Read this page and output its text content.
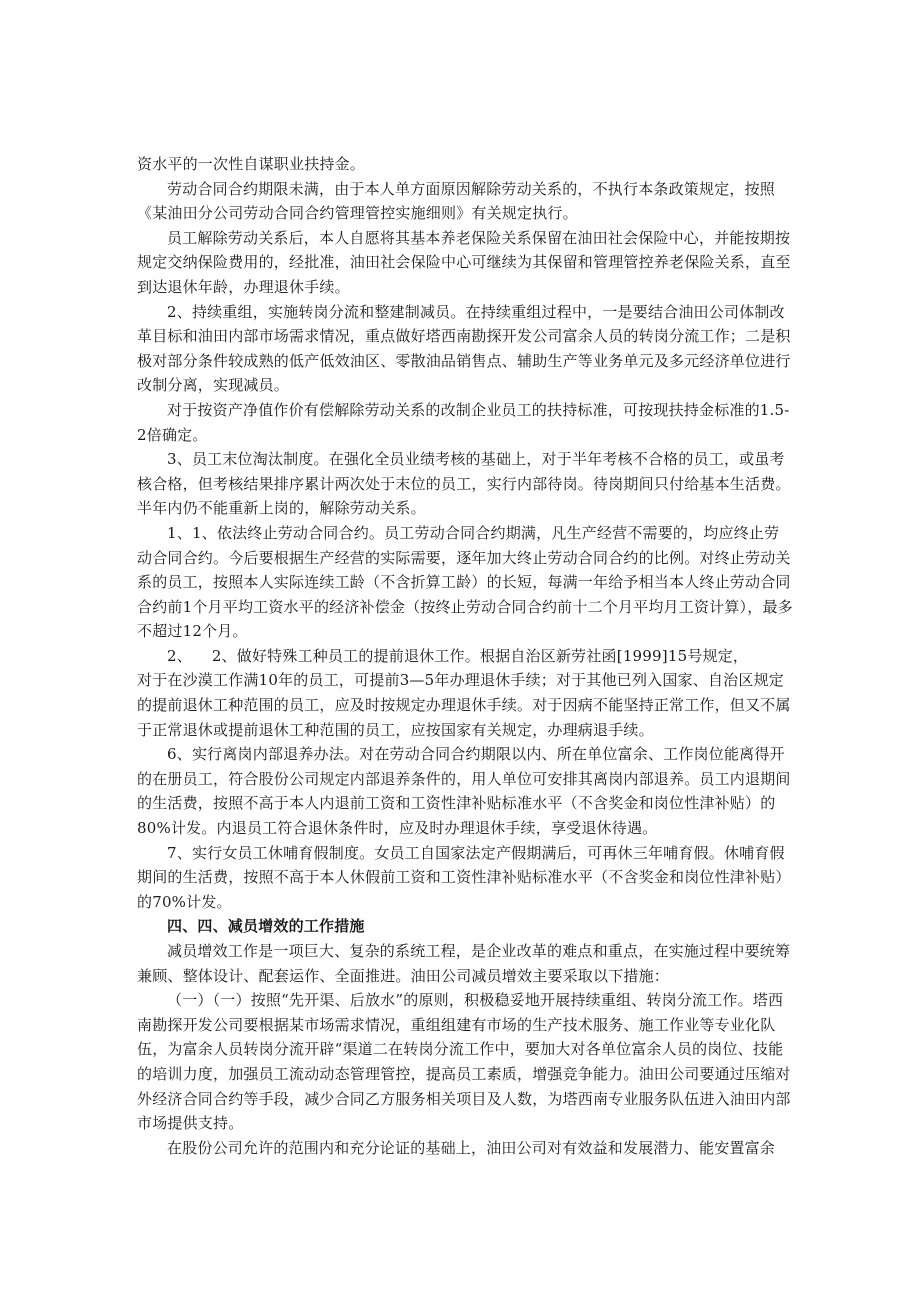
资水平的一次性自谋职业扶持金。

劳动合同合约期限未满，由于本人单方面原因解除劳动关系的，不执行本条政策规定，按照《某油田分公司劳动合同合约管理管控实施细则》有关规定执行。

员工解除劳动关系后，本人自愿将其基本养老保险关系保留在油田社会保险中心，并能按期按规定交纳保险费用的，经批准，油田社会保险中心可继续为其保留和管理管控养老保险关系，直至到达退休年龄，办理退休手续。

2、持续重组，实施转岗分流和整建制减员。在持续重组过程中，一是要结合油田公司体制改革目标和油田内部市场需求情况，重点做好塔西南勘探开发公司富余人员的转岗分流工作；二是积极对部分条件较成熟的低产低效油区、零散油品销售点、辅助生产等业务单元及多元经济单位进行改制分离，实现减员。

对于按资产净值作价有偿解除劳动关系的改制企业员工的扶持标准，可按现扶持金标准的1.5-2倍确定。

3、员工末位淘汰制度。在强化全员业绩考核的基础上，对于半年考核不合格的员工，或虽考核合格，但考核结果排序累计两次处于末位的员工，实行内部待岗。待岗期间只付给基本生活费。半年内仍不能重新上岗的，解除劳动关系。

1、1、依法终止劳动合同合约。员工劳动合同合约期满，凡生产经营不需要的，均应终止劳动合同合约。今后要根据生产经营的实际需要，逐年加大终止劳动合同合约的比例。对终止劳动关系的员工，按照本人实际连续工龄（不含折算工龄）的长短，每满一年给予相当本人终止劳动合同合约前1个月平均工资水平的经济补偿金（按终止劳动合同合约前十二个月平均月工资计算），最多不超过12个月。

2、    2、做好特殊工种员工的提前退休工作。根据自治区新劳社函[1999]15号规定，

对于在沙漠工作满10年的员工，可提前3—5年办理退休手续；对于其他已列入国家、自治区规定的提前退休工种范围的员工，应及时按规定办理退休手续。对于因病不能坚持正常工作，但又不属于正常退休或提前退休工种范围的员工，应按国家有关规定，办理病退手续。

6、实行离岗内部退养办法。对在劳动合同合约期限以内、所在单位富余、工作岗位能离得开的在册员工，符合股份公司规定内部退养条件的，用人单位可安排其离岗内部退养。员工内退期间的生活费，按照不高于本人内退前工资和工资性津补贴标准水平（不含奖金和岗位性津补贴）的80%计发。内退员工符合退休条件时，应及时办理退休手续，享受退休待遇。

7、实行女员工休哺育假制度。女员工自国家法定产假期满后，可再休三年哺育假。休哺育假期间的生活费，按照不高于本人休假前工资和工资性津补贴标准水平（不含奖金和岗位性津补贴）的70%计发。

四、四、减员增效的工作措施

减员增效工作是一项巨大、复杂的系统工程，是企业改革的难点和重点，在实施过程中要统筹兼顾、整体设计、配套运作、全面推进。油田公司减员增效主要采取以下措施：

（一）（一）按照“先开渠、后放水”的原则，积极稳妥地开展持续重组、转岗分流工作。塔西南勘探开发公司要根据某市场需求情况，重组组建有市场的生产技术服务、施工作业等专业化队伍，为富余人员转岗分流开辟“渠道二在转岗分流工作中，要加大对各单位富余人员的岗位、技能的培训力度，加强员工流动动态管理管控，提高员工素质，增强竞争能力。油田公司要通过压缩对外经济合同合约等手段，减少合同乙方服务相关项目及人数，为塔西南专业服务队伍进入油田内部市场提供支持。

在股份公司允许的范围内和充分论证的基础上，油田公司对有效益和发展潜力、能安置富余
